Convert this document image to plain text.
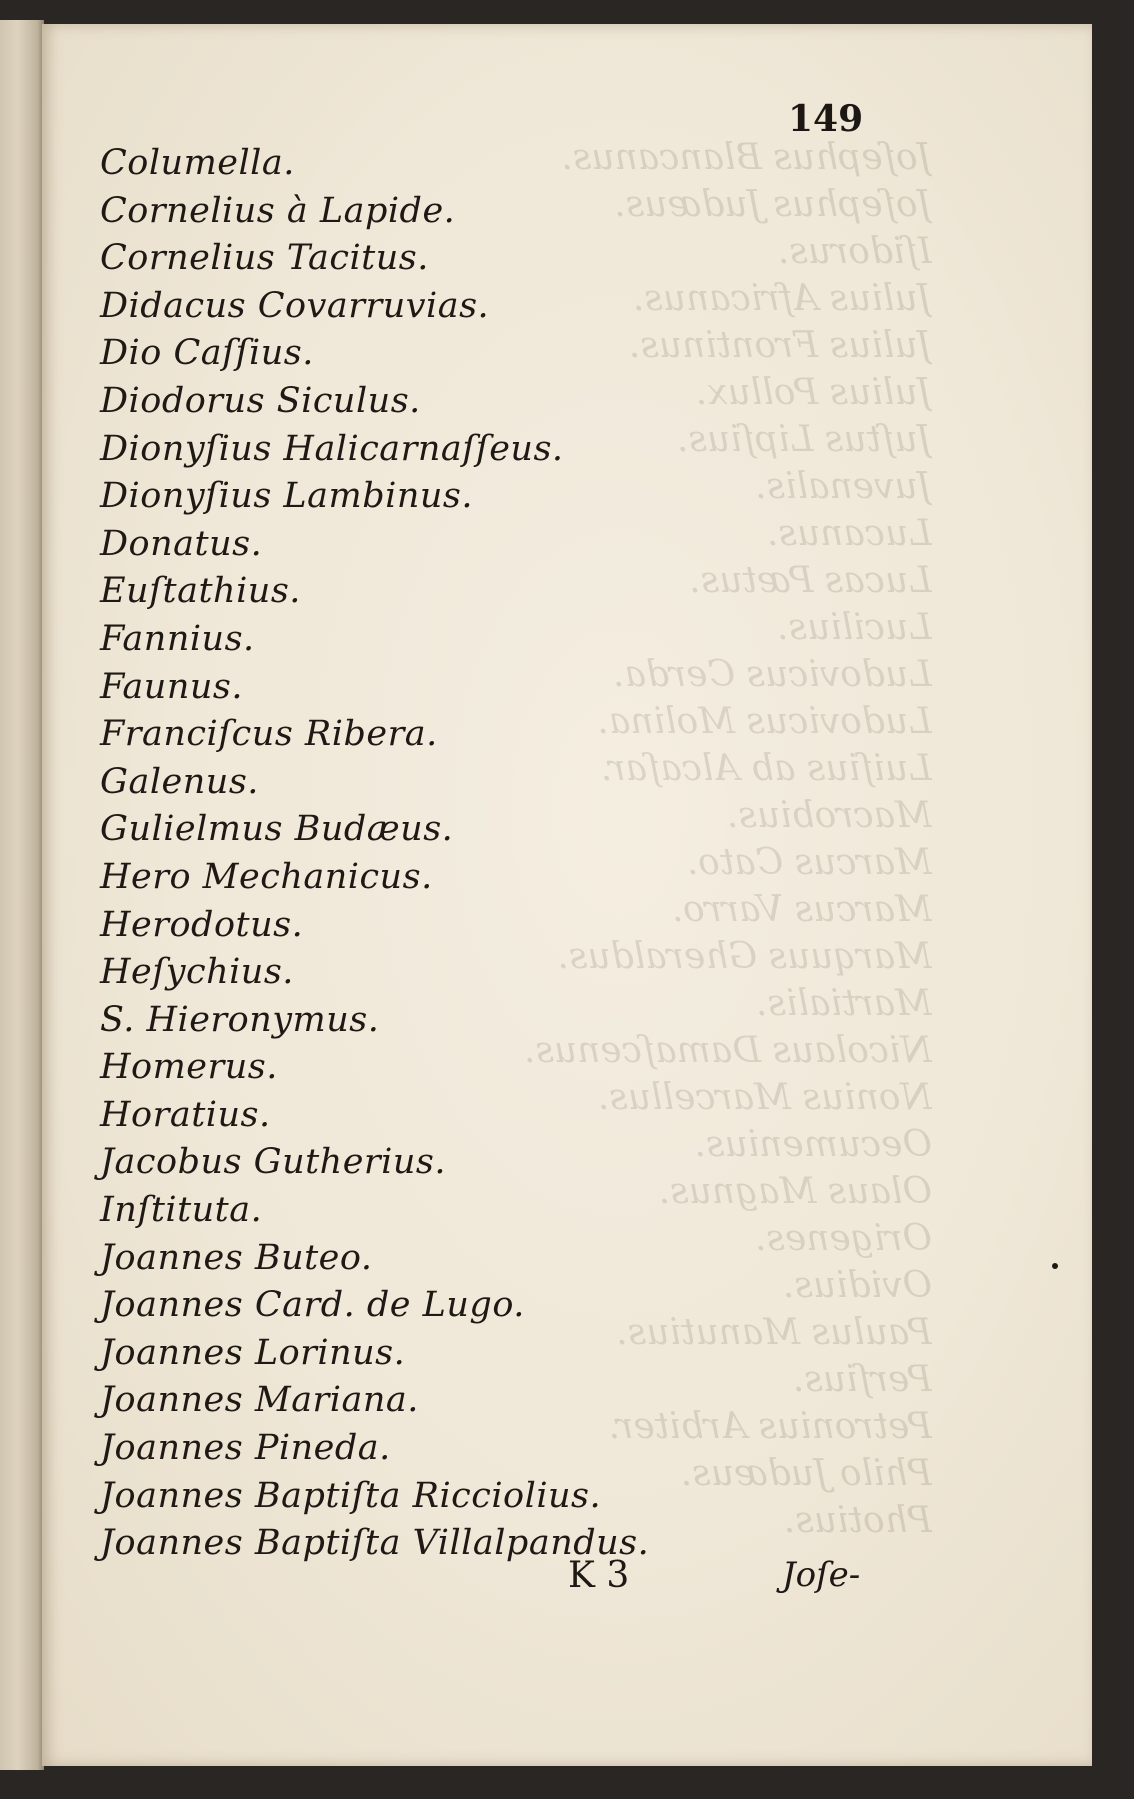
Joſephus Blancanus.
Joſephus Judæus.
Iſidorus.
Julius Africanus.
Julius Frontinus.
Julius Pollux.
Juſtus Lipſius.
Juvenalis.
Lucanus.
Lucas Pætus.
Lucilius.
Ludovicus Cerda.
Ludovicus Molina.
Luiſius ab Alcaſar.
Macrobius.
Marcus Cato.
Marcus Varro.
Marquus Gheraldus.
Martialis.
Nicolaus Damaſcenus.
Nonius Marcellus.
Oecumenius.
Olaus Magnus.
Origenes.
Ovidius.
Paulus Manutius.
Perſius.
Petronius Arbiter.
Philo Judæus.
Photius.
149
Columella.
Cornelius à Lapide.
Cornelius Tacitus.
Didacus Covarruvias.
Dio Caſſius.
Diodorus Siculus.
Dionyſius Halicarnaſſeus.
Dionyſius Lambinus.
Donatus.
Euſtathius.
Fannius.
Faunus.
Franciſcus Ribera.
Galenus.
Gulielmus Budæus.
Hero Mechanicus.
Herodotus.
Heſychius.
S. Hieronymus.
Homerus.
Horatius.
Jacobus Gutherius.
Inſtituta.
Joannes Buteo.
Joannes Card. de Lugo.
Joannes Lorinus.
Joannes Mariana.
Joannes Pineda.
Joannes Baptiſta Ricciolius.
Joannes Baptiſta Villalpandus.
K 3	Joſe-
